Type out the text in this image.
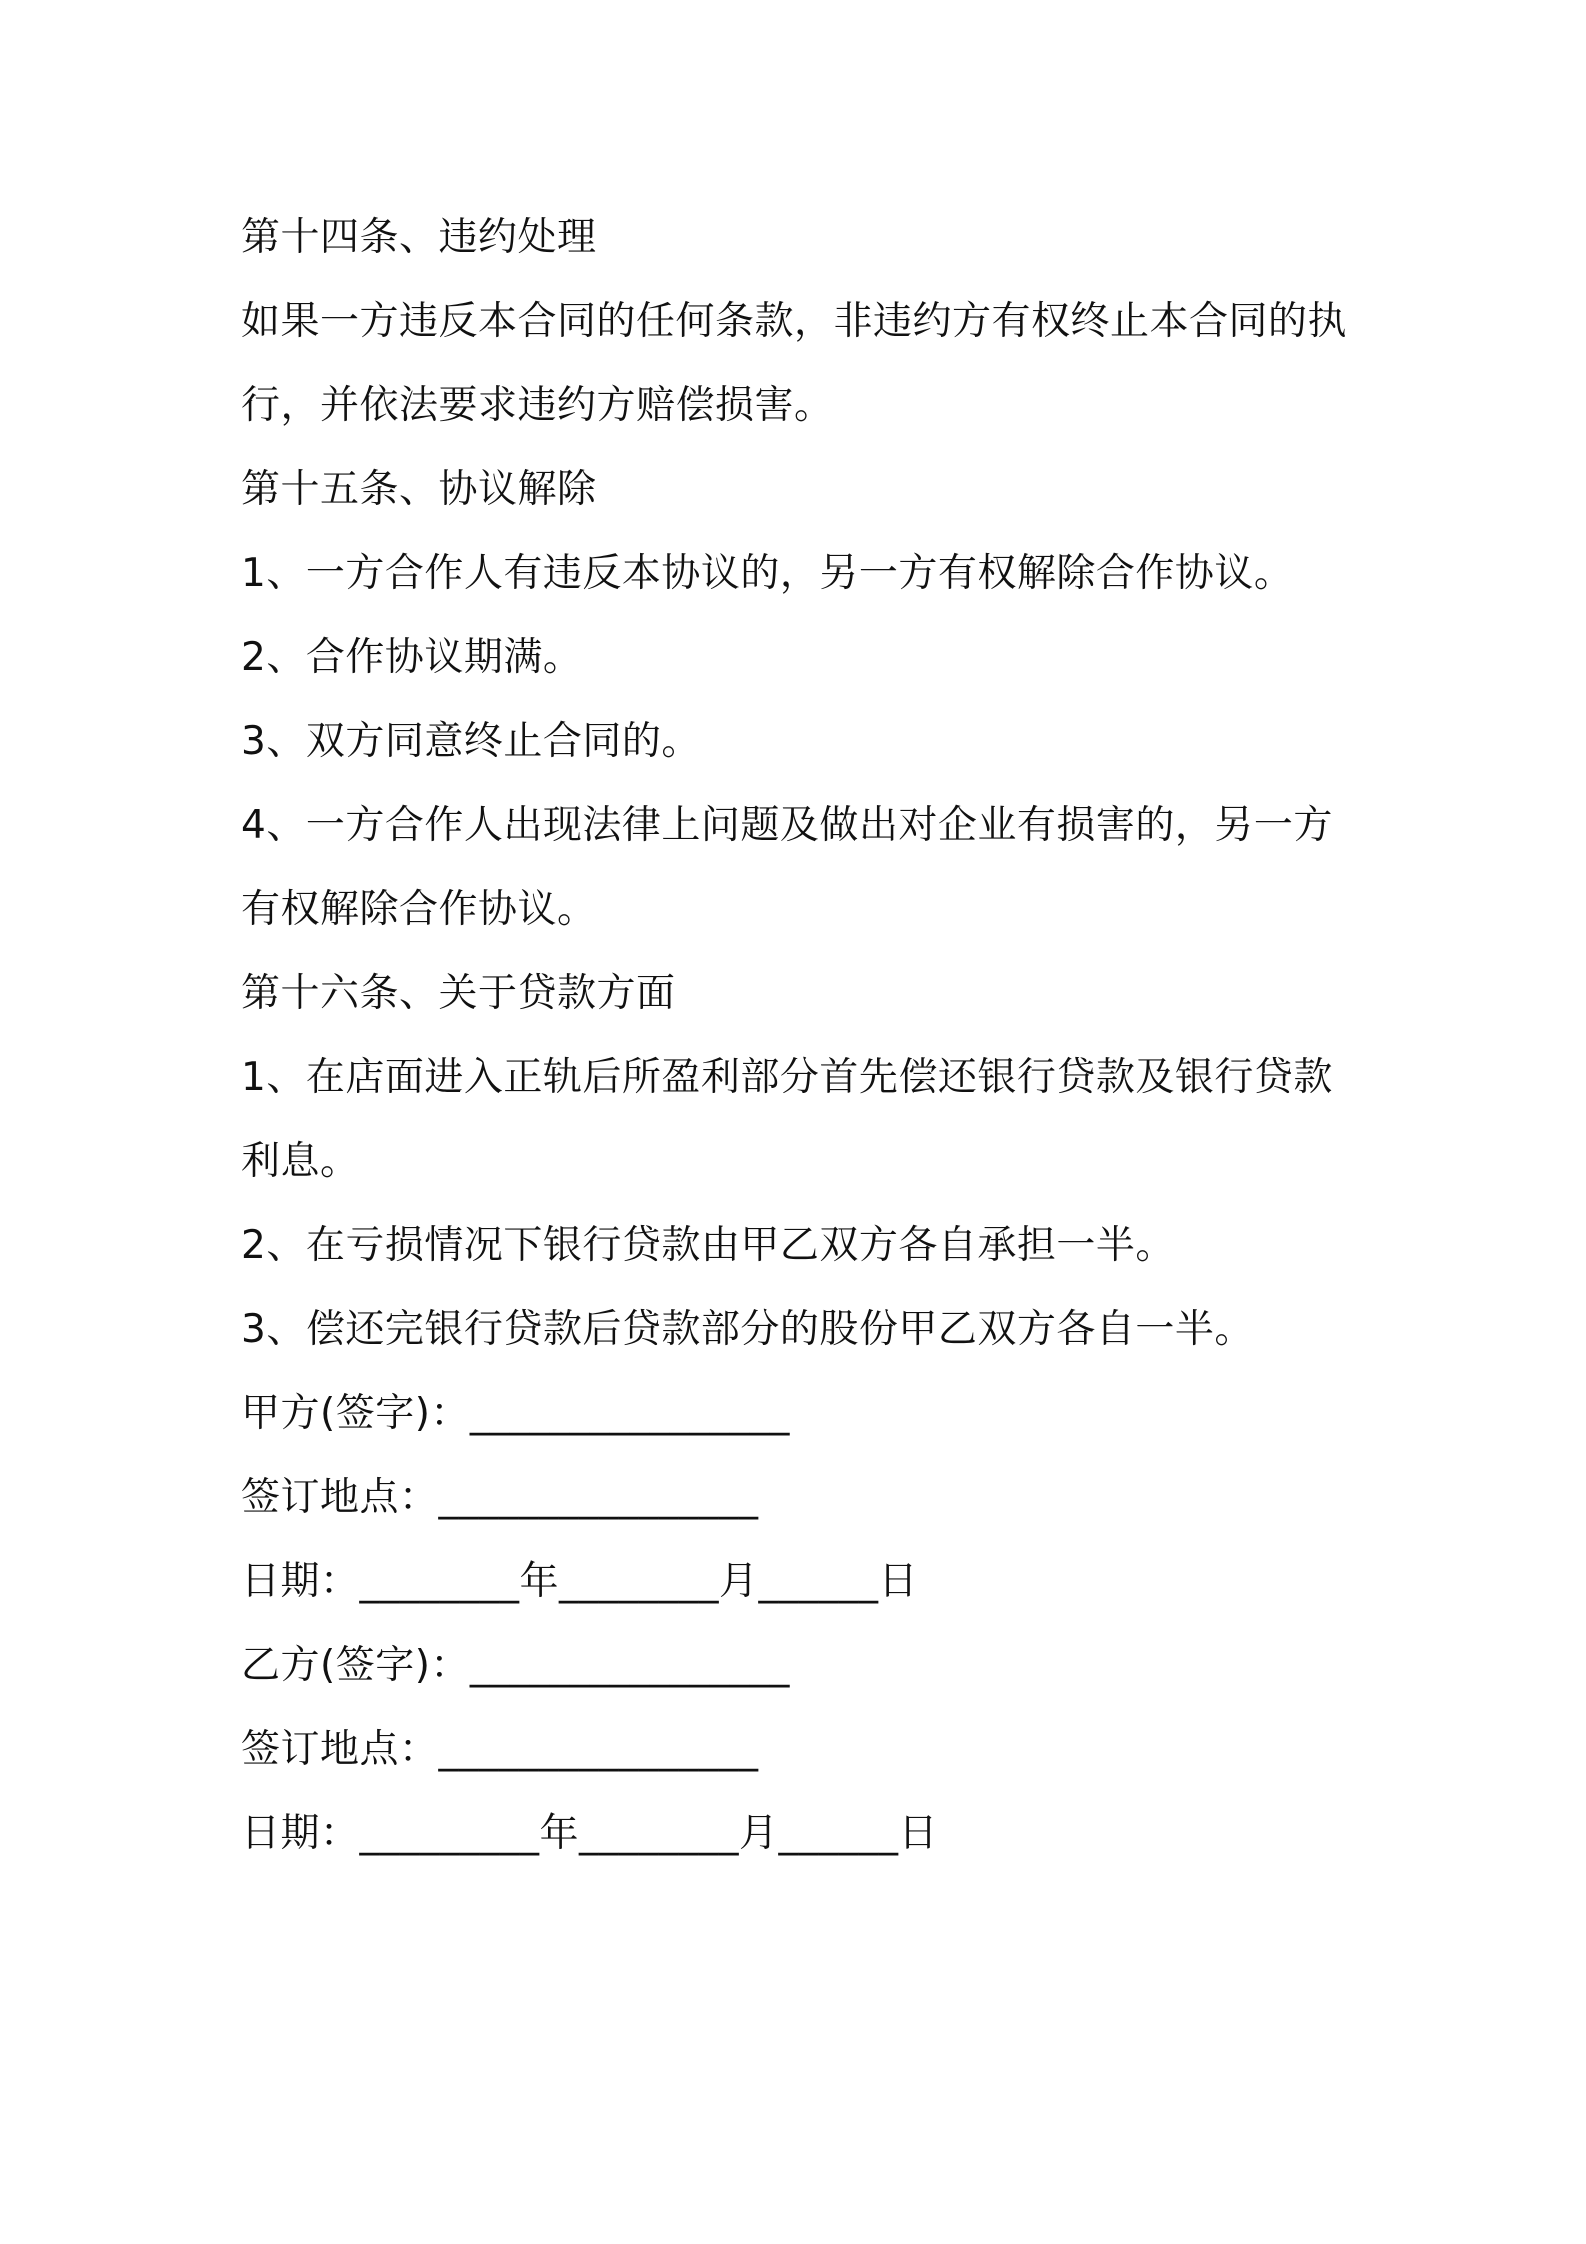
第十四条、违约处理
如果一方违反本合同的任何条款，非违约方有权终止本合同的执
行，并依法要求违约方赔偿损害。
第十五条、协议解除
1、一方合作人有违反本协议的，另一方有权解除合作协议。
2、合作协议期满。
3、双方同意终止合同的。
4、一方合作人出现法律上问题及做出对企业有损害的，另一方
有权解除合作协议。
第十六条、关于贷款方面
1、在店面进入正轨后所盈利部分首先偿还银行贷款及银行贷款
利息。
2、在亏损情况下银行贷款由甲乙双方各自承担一半。
3、偿还完银行贷款后贷款部分的股份甲乙双方各自一半。
甲方(签字)：________________
签订地点：________________
日期：________年________月______日
乙方(签字)：________________
签订地点：________________
日期：_________年________月______日
